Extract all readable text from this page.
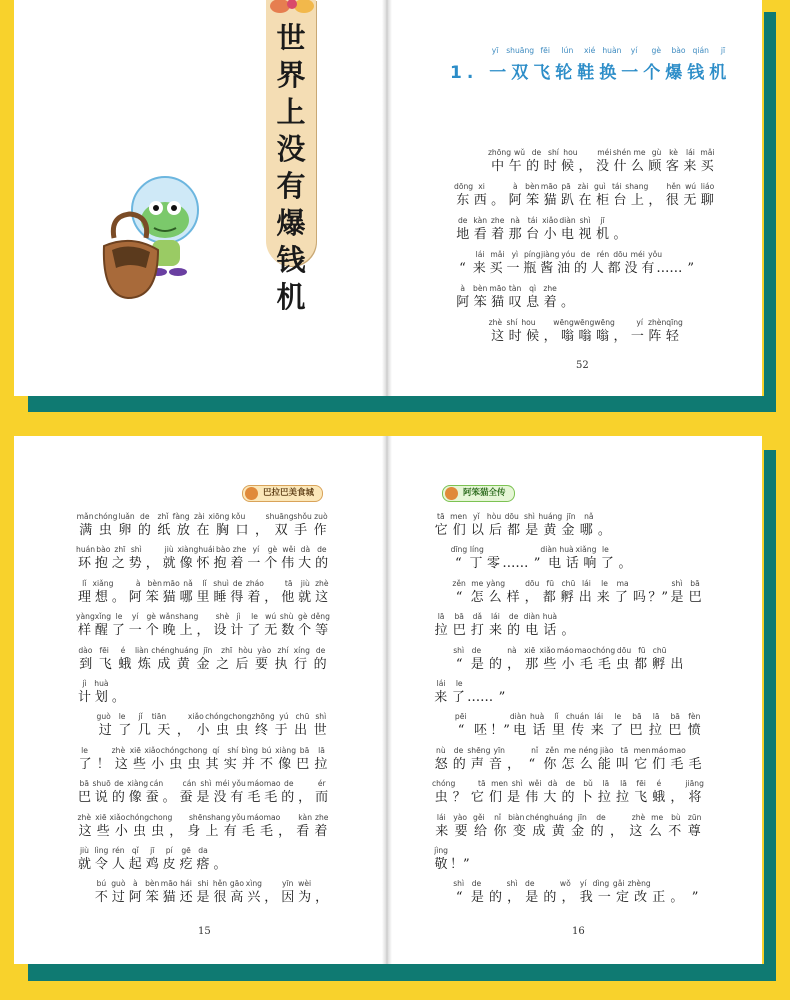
世
界
上
没
有
爆
钱
机
yī	shuāng fēi	lún	xié huàn	yí	gè	bào qián	jī
1. 一双飞轮鞋换一个爆钱机
zhōng wǔ de shí hou	méi shén me gù	kè	lái mǎi
中 午 的 时 候 ， 没 什 么 顾 客 来 买
dōng xi	à bèn māo pā zài guì tái shang hěn wú liáo
东 西 。 阿 笨 猫 趴 在 柜 台 上 ， 很 无 聊
de kàn zhe nà	tái xiǎo diàn shì	jī
地 看 着 那 台 小 电 视 机 。
lái mǎi yì píng jiàng yóu de rén dōu méi yǒu
“ 来 买 一 瓶 酱 油 的 人 都 没 有 …… ”
à	bèn māo tàn	qì zhe
阿 笨 猫 叹 息 着 。
zhè shí hou wēng wēng wēng	yí zhèn qīng
这 时 候 ， 嗡 嗡 嗡 ， 一 阵 轻
52
巴拉巴美食城
mǎn chóng luǎn de	zhǐ fàng zài xiōng kǒu	shuāng shǒu zuò
满 虫 卵 的 纸 放 在 胸 口 ， 双 手 作
huán bào zhī shì	jiù xiàng huái bào zhe yí	gè wěi dà de
环 抱 之 势 ， 就 像 怀 抱 着 一 个 伟 大 的
lǐ xiǎng	à bèn māo nǎ	lǐ shuì de zháo	tā	jiù zhè
理 想 。 阿 笨 猫 哪 里 睡 得 着 ， 他 就 这
yàng xǐng le	yí	gè wǎn shang shè jì	le wú shù gè děng
样 醒 了 一 个 晚 上 ， 设 计 了 无 数 个 等
dào fēi	é	liàn chéng huáng jīn	zhī hòu yào zhí xíng de
到 飞 蛾 炼 成 黄 金 之 后 要 执 行 的
jì	huà
计 划 。
guò	le	jǐ	tiān	xiǎo chóng chong zhōng yú chū shì
过 了 几 天 ， 小 虫 虫 终 于 出 世
le	zhè xiē xiǎo chóng chong qí	shí bìng bú xiàng bā	lā
了 ！ 这 些 小 虫 虫 其 实 并 不 像 巴 拉
bā shuō de xiàng cán	cán shì méi yǒu máo mao de	ér
巴 说 的 像 蚕 。 蚕 是 没 有 毛 毛 的 ， 而
zhè xiē xiǎo chóng chong shēn shang yǒu máo mao kàn zhe
这 些 小 虫 虫 ， 身 上 有 毛 毛 ， 看 着
jiù lìng rén qǐ	jī	pí	gē da
就 令 人 起 鸡 皮 疙 瘩 。
bú guò à bèn māo hái shi hěn gāo xìng	yīn wèi
不 过 阿 笨 猫 还 是 很 高 兴 ， 因 为 ，
15
阿笨猫全传
tā men yǐ hòu dōu shì huáng jīn	nǎ
它 们 以 后 都 是 黄 金 哪 。
dīng líng	diàn huà xiǎng le
“ 丁 零 …… ” 电 话 响 了 。
zěn me yàng	dōu fū chū lái	le	ma	shì	bā
“ 怎 么 样 ， 都 孵 出 来 了 吗 ？” 是 巴
lā	bā	dǎ	lái	de diàn huà
拉 巴 打 来 的 电 话 。
shì de	nà xiē xiǎo máo mao chóng dōu fū chū
“ 是 的 ， 那 些 小 毛 毛 虫 都 孵 出
lái	le
来 了 …… ”
pēi	diàn huà	lǐ chuán lái	le	bā	lā	bā	fèn
“ 呸 ！” 电 话 里 传 来 了 巴 拉 巴 愤
nù	de shēng yīn	nǐ zěn me néng jiào tā men máo mao
怒 的 声 音 ， “ 你 怎 么 能 叫 它 们 毛 毛
chóng	tā men shì wěi dà	de	bǔ	lā	lā	fēi	é	jiāng
虫 ？ 它 们 是 伟 大 的 卜 拉 拉 飞 蛾 ， 将
lái yào gěi	nǐ biàn chéng huáng jīn	de	zhè me	bù zūn
来 要 给 你 变 成 黄 金 的 ， 这 么 不 尊
jìng
敬 ！”
shì de	shì de	wǒ	yí dìng gǎi zhèng
“ 是 的 ， 是 的 ， 我 一 定 改 正 。 ”
16
